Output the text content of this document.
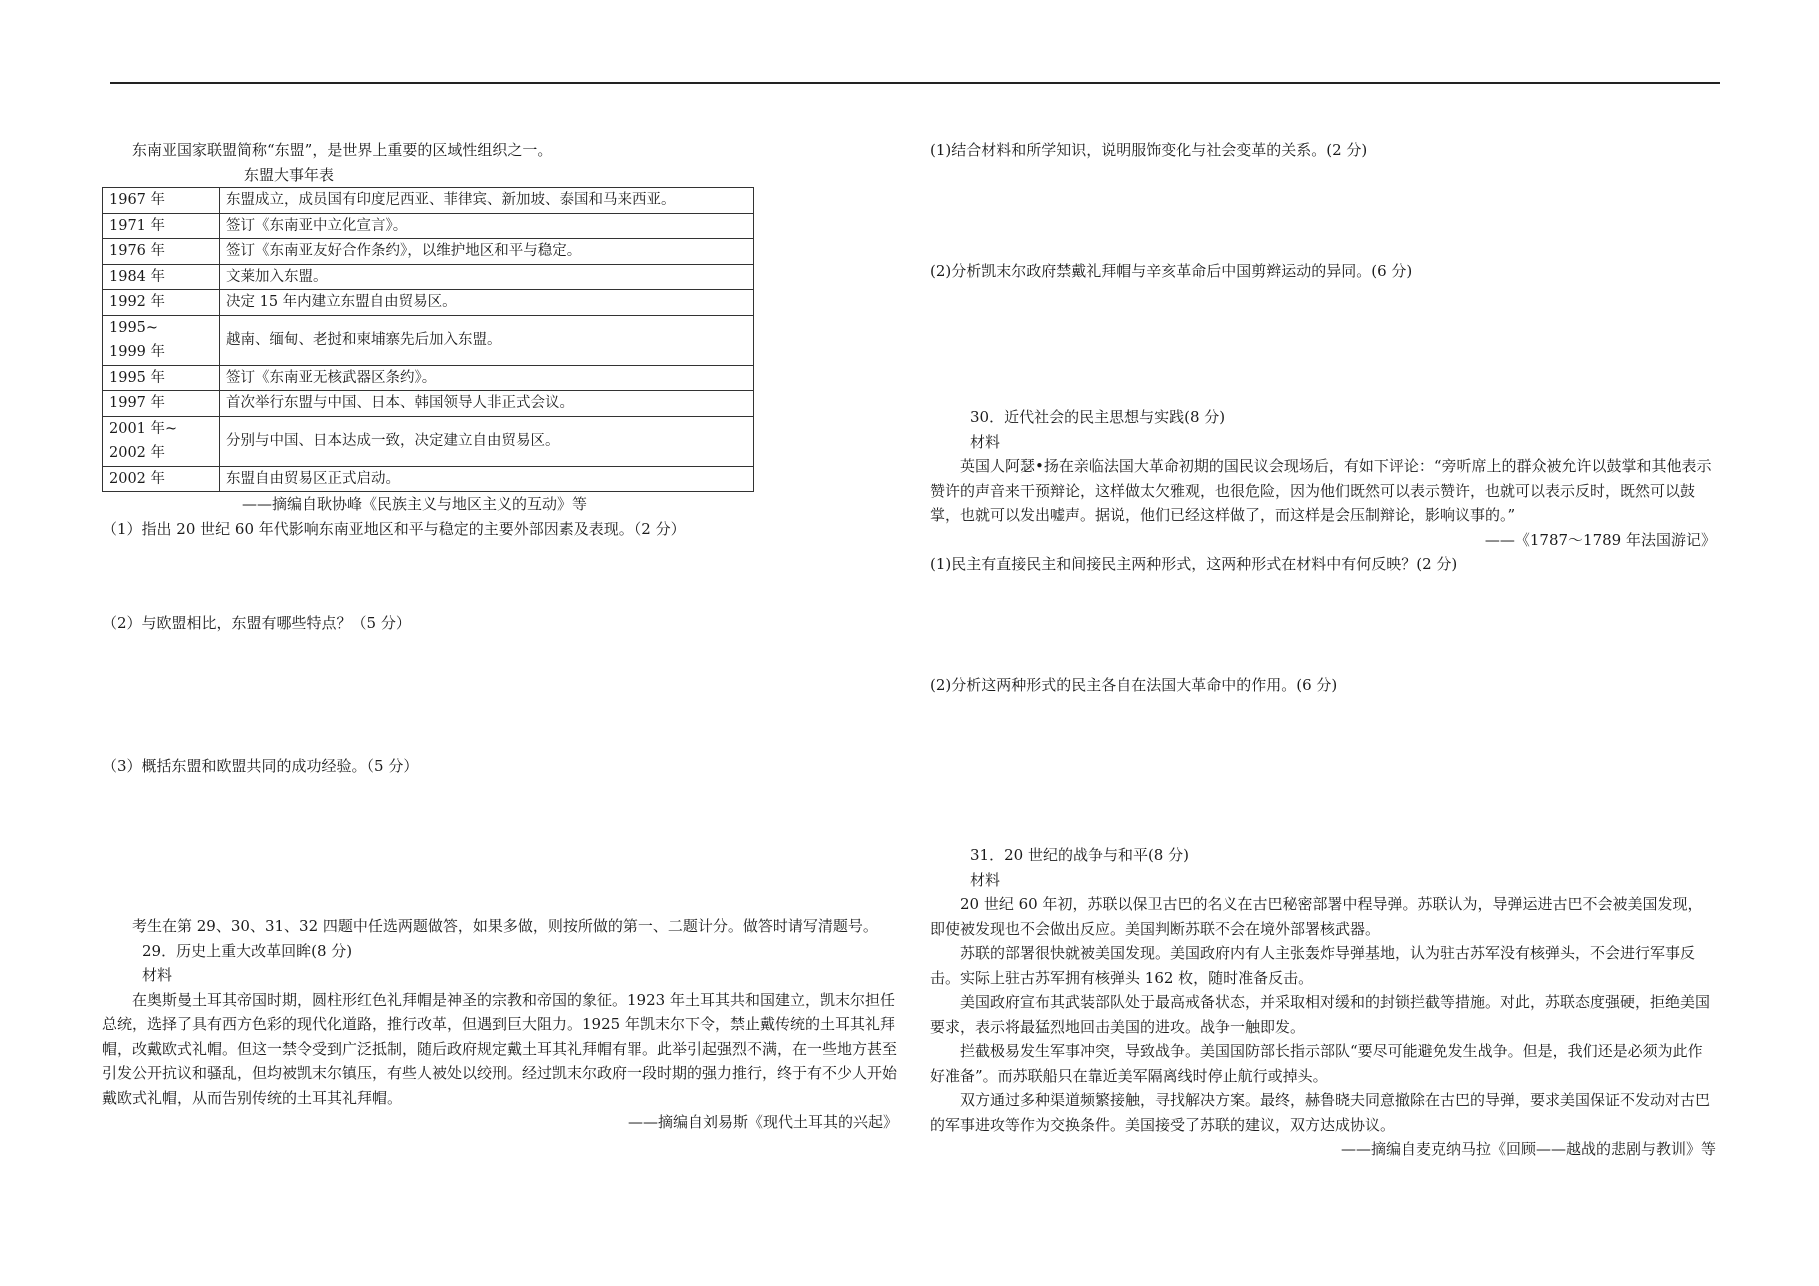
东南亚国家联盟简称“东盟”，是世界上重要的区域性组织之一。

东盟大事年表

1967 年	东盟成立，成员国有印度尼西亚、菲律宾、新加坡、泰国和马来西亚。
1971 年	签订《东南亚中立化宣言》。
1976 年	签订《东南亚友好合作条约》，以维护地区和平与稳定。
1984 年	文莱加入东盟。
1992 年	决定 15 年内建立东盟自由贸易区。

1995~
1999 年	越南、缅甸、老挝和柬埔寨先后加入东盟。
1995 年	签订《东南亚无核武器区条约》。
1997 年	首次举行东盟与中国、日本、韩国领导人非正式会议。

2001 年~
2002 年	分别与中国、日本达成一致，决定建立自由贸易区。
2002 年	东盟自由贸易区正式启动。

——摘编自耿协峰《民族主义与地区主义的互动》等

（1）指出 20 世纪 60 年代影响东南亚地区和平与稳定的主要外部因素及表现。（2 分）

（2）与欧盟相比，东盟有哪些特点？（5 分）

（3）概括东盟和欧盟共同的成功经验。（5 分）

考生在第 29、30、31、32 四题中任选两题做答，如果多做，则按所做的第一、二题计分。做答时请写清题号。

29．历史上重大改革回眸(8 分)

材料

在奥斯曼土耳其帝国时期，圆柱形红色礼拜帽是神圣的宗教和帝国的象征。1923 年土耳其共和国建立，凯末尔担任总统，选择了具有西方色彩的现代化道路，推行改革，但遇到巨大阻力。1925 年凯末尔下令，禁止戴传统的土耳其礼拜帽，改戴欧式礼帽。但这一禁令受到广泛抵制，随后政府规定戴土耳其礼拜帽有罪。此举引起强烈不满，在一些地方甚至引发公开抗议和骚乱，但均被凯末尔镇压，有些人被处以绞刑。经过凯末尔政府一段时期的强力推行，终于有不少人开始戴欧式礼帽，从而告别传统的土耳其礼拜帽。

——摘编自刘易斯《现代土耳其的兴起》

(1)结合材料和所学知识，说明服饰变化与社会变革的关系。(2 分)

(2)分析凯末尔政府禁戴礼拜帽与辛亥革命后中国剪辫运动的异同。(6 分)

30．近代社会的民主思想与实践(8 分)

材料

英国人阿瑟•扬在亲临法国大革命初期的国民议会现场后，有如下评论：“旁听席上的群众被允许以鼓掌和其他表示赞许的声音来干预辩论，这样做太欠雅观，也很危险，因为他们既然可以表示赞许，也就可以表示反时，既然可以鼓掌，也就可以发出嘘声。据说，他们已经这样做了，而这样是会压制辩论，影响议事的。”

——《1787～1789 年法国游记》

(1)民主有直接民主和间接民主两种形式，这两种形式在材料中有何反映？(2 分)

(2)分析这两种形式的民主各自在法国大革命中的作用。(6 分)

31．20 世纪的战争与和平(8 分)

材料

20 世纪 60 年初，苏联以保卫古巴的名义在古巴秘密部署中程导弹。苏联认为，导弹运进古巴不会被美国发现，即使被发现也不会做出反应。美国判断苏联不会在境外部署核武器。

苏联的部署很快就被美国发现。美国政府内有人主张轰炸导弹基地，认为驻古苏军没有核弹头，不会进行军事反击。实际上驻古苏军拥有核弹头 162 枚，随时准备反击。

美国政府宣布其武装部队处于最高戒备状态，并采取相对缓和的封锁拦截等措施。对此，苏联态度强硬，拒绝美国要求，表示将最猛烈地回击美国的进攻。战争一触即发。

拦截极易发生军事冲突，导致战争。美国国防部长指示部队“要尽可能避免发生战争。但是，我们还是必须为此作好准备”。而苏联船只在靠近美军隔离线时停止航行或掉头。

双方通过多种渠道频繁接触，寻找解决方案。最终，赫鲁晓夫同意撤除在古巴的导弹，要求美国保证不发动对古巴的军事进攻等作为交换条件。美国接受了苏联的建议，双方达成协议。

——摘编自麦克纳马拉《回顾——越战的悲剧与教训》等
